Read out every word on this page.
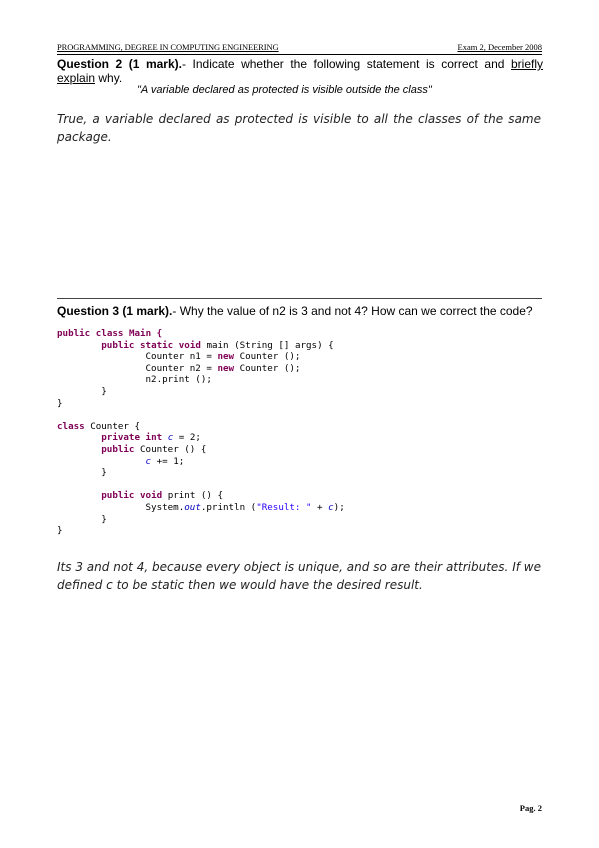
PROGRAMMING, DEGREE IN COMPUTING ENGINEERING	Exam 2, December 2008
Question 2 (1 mark).- Indicate whether the following statement is correct and briefly explain why.
"A variable declared as protected is visible outside the class"
True, a variable declared as protected is visible to all the classes of the same package.
Question 3 (1 mark).- Why the value of n2 is 3 and not 4? How can we correct the code?
public class Main {
public static void main (String [] args) {
Counter n1 = new Counter ();
Counter n2 = new Counter ();
n2.print ();
}
}

class Counter {
private int c = 2;
public Counter () {
c += 1;
}

public void print () {
System.out.println ("Result: " + c);
}
}
Its 3 and not 4, because every object is unique, and so are their attributes. If we defined c to be static then we would have the desired result.
Pag. 2
